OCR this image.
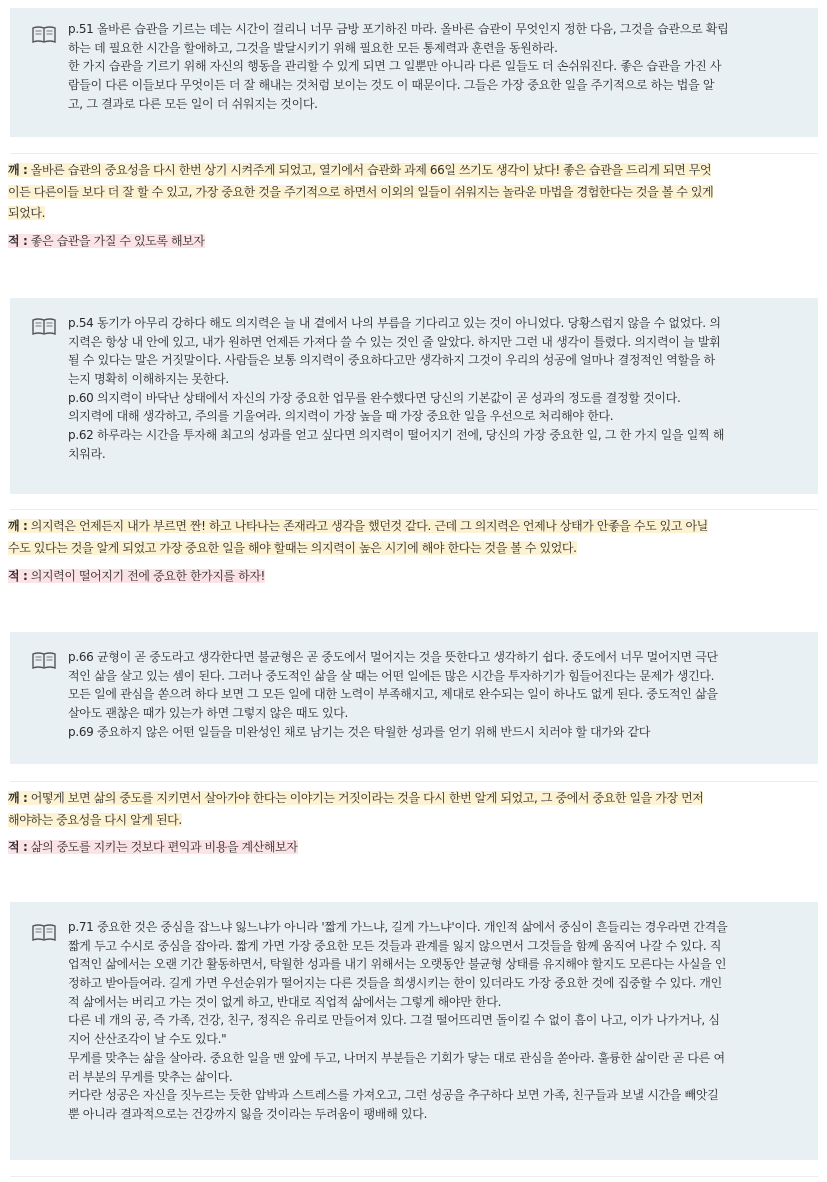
p.51 올바른 습관을 기르는 데는 시간이 걸리니 너무 금방 포기하진 마라. 올바른 습관이 무엇인지 정한 다음, 그것을 습관으로 확립
하는 데 필요한 시간을 할애하고, 그것을 발달시키기 위해 필요한 모든 통제력과 훈련을 동원하라.
한 가지 습관을 기르기 위해 자신의 행동을 관리할 수 있게 되면 그 일뿐만 아니라 다른 일들도 더 손쉬워진다. 좋은 습관을 가진 사
람들이 다른 이들보다 무엇이든 더 잘 해내는 것처럼 보이는 것도 이 때문이다. 그들은 가장 중요한 일을 주기적으로 하는 법을 알
고, 그 결과로 다른 모든 일이 더 쉬워지는 것이다.
깨 : 올바른 습관의 중요성을 다시 한번 상기 시켜주게 되었고, 열기에서 습관화 과제 66일 쓰기도 생각이 났다! 좋은 습관을 드리게 되면 무엇
이든 다른이들 보다 더 잘 할 수 있고, 가장 중요한 것을 주기적으로 하면서 이외의 일들이 쉬워지는 놀라운 마법을 경험한다는 것을 볼 수 있게
되었다.
적 : 좋은 습관을 가질 수 있도록 해보자
p.54 동기가 아무리 강하다 해도 의지력은 늘 내 곁에서 나의 부름을 기다리고 있는 것이 아니었다. 당황스럽지 않을 수 없었다. 의
지력은 항상 내 안에 있고, 내가 원하면 언제든 가져다 쓸 수 있는 것인 줄 알았다. 하지만 그런 내 생각이 틀렸다. 의지력이 늘 발휘
될 수 있다는 말은 거짓말이다. 사람들은 보통 의지력이 중요하다고만 생각하지 그것이 우리의 성공에 얼마나 결정적인 역할을 하
는지 명확히 이해하지는 못한다.
p.60 의지력이 바닥난 상태에서 자신의 가장 중요한 업무를 완수했다면 당신의 기본값이 곧 성과의 정도를 결정할 것이다.
의지력에 대해 생각하고, 주의를 기울여라. 의지력이 가장 높을 때 가장 중요한 일을 우선으로 처리해야 한다.
p.62 하루라는 시간을 투자해 최고의 성과를 얻고 싶다면 의지력이 떨어지기 전에, 당신의 가장 중요한 일, 그 한 가지 일을 일찍 해
치워라.
깨 : 의지력은 언제든지 내가 부르면 짠! 하고 나타나는 존재라고 생각을 했던것 같다. 근데 그 의지력은 언제나 상태가 안좋을 수도 있고 아닐
수도 있다는 것을 알게 되었고 가장 중요한 일을 해야 할때는 의지력이 높은 시기에 해야 한다는 것을 볼 수 있었다.
적 : 의지력이 떨어지기 전에 중요한 한가지를 하자!
p.66 균형이 곧 중도라고 생각한다면 불균형은 곧 중도에서 멀어지는 것을 뜻한다고 생각하기 쉽다. 중도에서 너무 멀어지면 극단
적인 삶을 살고 있는 셈이 된다. 그러나 중도적인 삶을 살 때는 어떤 일에든 많은 시간을 투자하기가 힘들어진다는 문제가 생긴다.
모든 일에 관심을 쏟으려 하다 보면 그 모든 일에 대한 노력이 부족해지고, 제대로 완수되는 일이 하나도 없게 된다. 중도적인 삶을
살아도 괜찮은 때가 있는가 하면 그렇지 않은 때도 있다.
p.69 중요하지 않은 어떤 일들을 미완성인 채로 남기는 것은 탁월한 성과를 얻기 위해 반드시 치러야 할 대가와 같다
깨 : 어떻게 보면 삶의 중도를 지키면서 살아가야 한다는 이야기는 거짓이라는 것을 다시 한번 알게 되었고, 그 중에서 중요한 일을 가장 먼저
해야하는 중요성을 다시 알게 된다.
적 : 삶의 중도를 지키는 것보다 편익과 비용을 계산해보자
p.71 중요한 것은 중심을 잡느냐 잃느냐가 아니라 '짧게 가느냐, 길게 가느냐'이다. 개인적 삶에서 중심이 흔들리는 경우라면 간격을
짧게 두고 수시로 중심을 잡아라. 짧게 가면 가장 중요한 모든 것들과 관계를 잃지 않으면서 그것들을 함께 움직여 나갈 수 있다. 직
업적인 삶에서는 오랜 기간 활동하면서, 탁월한 성과를 내기 위해서는 오랫동안 불균형 상태를 유지해야 할지도 모른다는 사실을 인
정하고 받아들여라. 길게 가면 우선순위가 떨어지는 다른 것들을 희생시키는 한이 있더라도 가장 중요한 것에 집중할 수 있다. 개인
적 삶에서는 버리고 가는 것이 없게 하고, 반대로 직업적 삶에서는 그렇게 해야만 한다.
다른 네 개의 공, 즉 가족, 건강, 친구, 정직은 유리로 만들어져 있다. 그걸 떨어뜨리면 돌이킬 수 없이 흠이 나고, 이가 나가거나, 심
지어 산산조각이 날 수도 있다."
무게를 맞추는 삶을 살아라. 중요한 일을 맨 앞에 두고, 나머지 부분들은 기회가 닿는 대로 관심을 쏟아라. 훌륭한 삶이란 곧 다른 여
러 부분의 무게를 맞추는 삶이다.
커다란 성공은 자신을 짓누르는 듯한 압박과 스트레스를 가져오고, 그런 성공을 추구하다 보면 가족, 친구들과 보낼 시간을 빼앗길
뿐 아니라 결과적으로는 건강까지 잃을 것이라는 두려움이 팽배해 있다.
